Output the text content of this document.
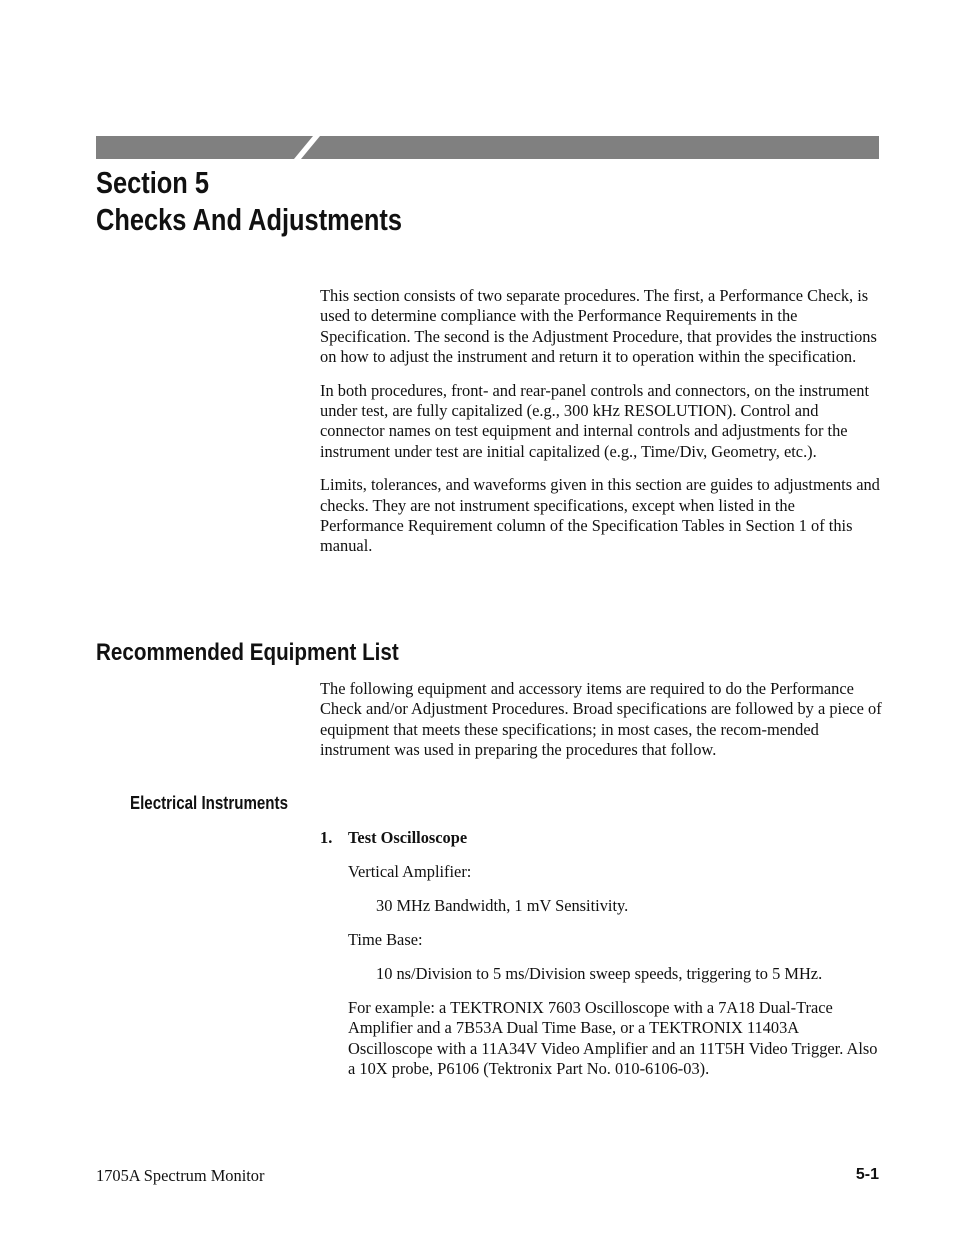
Section 5
Checks And Adjustments

This section consists of two separate procedures. The first, a Performance Check, is used to determine compliance with the Performance Requirements in the Specification. The second is the Adjustment Procedure, that provides the instructions on how to adjust the instrument and return it to operation within the specification.

In both procedures, front- and rear-panel controls and connectors, on the instrument under test, are fully capitalized (e.g., 300 kHz RESOLUTION). Control and connector names on test equipment and internal controls and adjustments for the instrument under test are initial capitalized (e.g., Time/Div, Geometry, etc.).

Limits, tolerances, and waveforms given in this section are guides to adjustments and checks. They are not instrument specifications, except when listed in the Performance Requirement column of the Specification Tables in Section 1 of this manual.

Recommended Equipment List

The following equipment and accessory items are required to do the Performance Check and/or Adjustment Procedures. Broad specifications are followed by a piece of equipment that meets these specifications; in most cases, the recom-mended instrument was used in preparing the procedures that follow.

Electrical Instruments
1. Test Oscilloscope
Vertical Amplifier:
30 MHz Bandwidth, 1 mV Sensitivity.
Time Base:
10 ns/Division to 5 ms/Division sweep speeds, triggering to 5 MHz.
For example: a TEKTRONIX 7603 Oscilloscope with a 7A18 Dual-Trace Amplifier and a 7B53A Dual Time Base, or a TEKTRONIX 11403A Oscilloscope with a 11A34V Video Amplifier and an 11T5H Video Trigger. Also a 10X probe, P6106 (Tektronix Part No. 010-6106-03).
1705A Spectrum Monitor	5-1
